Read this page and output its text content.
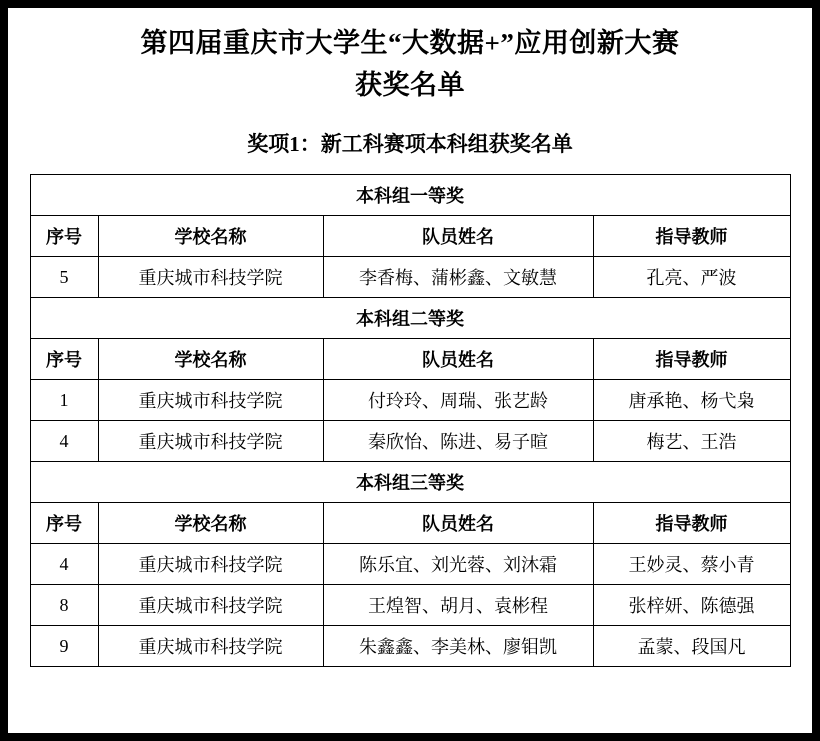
第四届重庆市大学生“大数据+”应用创新大赛
获奖名单
奖项1：新工科赛项本科组获奖名单
本科组一等奖			
序号	学校名称	队员姓名	指导教师
5	重庆城市科技学院	李香梅、蒲彬鑫、文敏慧	孔亮、严波
本科组二等奖			
序号	学校名称	队员姓名	指导教师
1	重庆城市科技学院	付玲玲、周瑞、张艺龄	唐承艳、杨弋枭
4	重庆城市科技学院	秦欣怡、陈进、易子暄	梅艺、王浩
本科组三等奖			
序号	学校名称	队员姓名	指导教师
4	重庆城市科技学院	陈乐宜、刘光蓉、刘沐霜	王妙灵、蔡小青
8	重庆城市科技学院	王煌智、胡月、袁彬程	张梓妍、陈德强
9	重庆城市科技学院	朱鑫鑫、李美林、廖钼凯	孟蒙、段国凡
